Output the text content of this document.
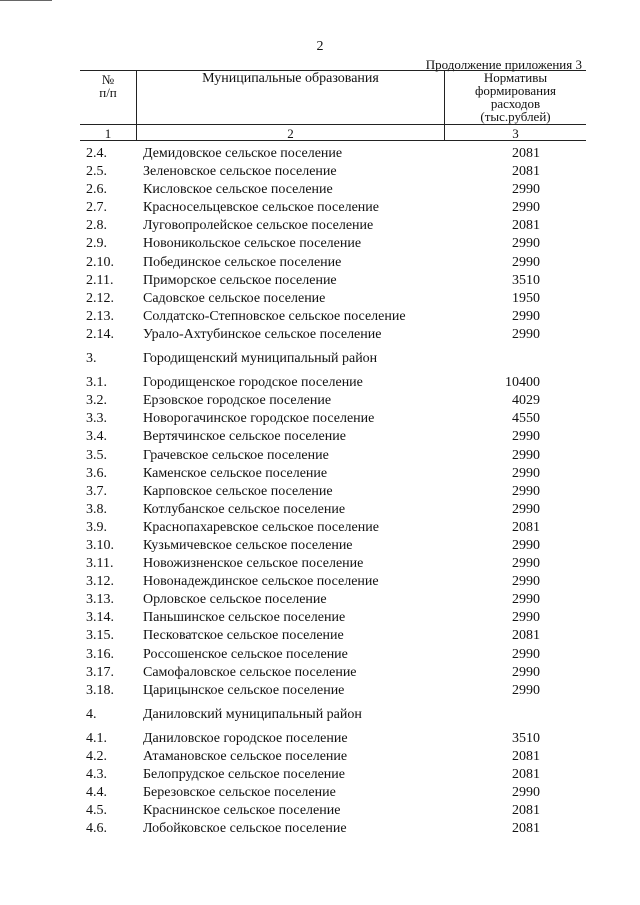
2
Продолжение приложения 3
№
п/п
Муниципальные образования	Нормативы
формирования
расходов
(тыс.рублей)
1	2	3
2.4.	Демидовское сельское поселение	2081
2.5.	Зеленовское сельское поселение	2081
2.6.	Кисловское сельское поселение	2990
2.7.	Красносельцевское сельское поселение	2990
2.8.	Луговопролейское сельское поселение	2081
2.9.	Новоникольское сельское поселение	2990
2.10. Побединское сельское поселение	2990
2.11. Приморское сельское поселение	3510
2.12. Садовское сельское поселение	1950
2.13. Солдатско-Степновское сельское поселение	2990
2.14. Урало-Ахтубинское сельское поселение	2990
3.	Городищенский муниципальный район
3.1.	Городищенское городское поселение	10400
3.2.	Ерзовское городское поселение	4029
3.3.	Новорогачинское городское поселение	4550
3.4.	Вертячинское сельское поселение	2990
3.5.	Грачевское сельское поселение	2990
3.6.	Каменское сельское поселение	2990
3.7.	Карповское сельское поселение	2990
3.8.	Котлубанское сельское поселение	2990
3.9.	Краснопахаревское сельское поселение	2081
3.10. Кузьмичевское сельское поселение	2990
3.11. Новожизненское сельское поселение	2990
3.12. Новонадеждинское сельское поселение	2990
3.13. Орловское сельское поселение	2990
3.14. Паньшинское сельское поселение	2990
3.15. Песковатское сельское поселение	2081
3.16. Россошенское сельское поселение	2990
3.17. Самофаловское сельское поселение	2990
3.18. Царицынское сельское поселение	2990
4.	Даниловский муниципальный район
4.1.	Даниловское городское поселение	3510
4.2.	Атамановское сельское поселение	2081
4.3.	Белопрудское сельское поселение	2081
4.4.	Березовское сельское поселение	2990
4.5.	Краснинское сельское поселение	2081
4.6.	Лобойковское сельское поселение	2081
